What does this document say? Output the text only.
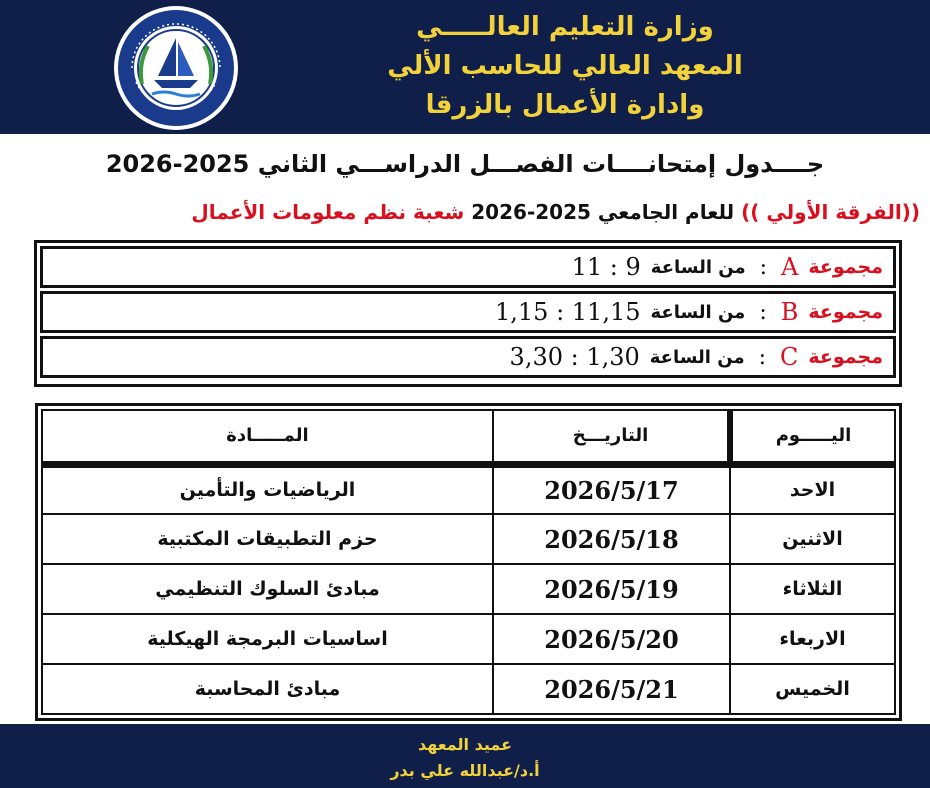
وزارة التعليم العالـــــي
المعهد العالي للحاسب الألي
وادارة الأعمال بالزرقا
جــــدول إمتحانــــات الفصـــل الدراســـي الثاني 2025-2026
((الفرقة الأولي )) للعام الجامعي 2025-2026 شعبة نظم معلومات الأعمال
مجموعة
A
:
من الساعة
11 : 9
مجموعة
B
:
من الساعة
1,15 : 11,15
مجموعة
C
:
من الساعة
3,30 : 1,30
اليـــــوم	التاريـــخ	المـــــادة
الاحد	2026/5/17	الرياضيات والتأمين
الاثنين	2026/5/18	حزم التطبيقات المكتبية
الثلاثاء	2026/5/19	مبادئ السلوك التنظيمي
الاربعاء	2026/5/20	اساسيات البرمجة الهيكلية
الخميس	2026/5/21	مبادئ المحاسبة
عميد المعهد
أ.د/عبدالله علي بدر
